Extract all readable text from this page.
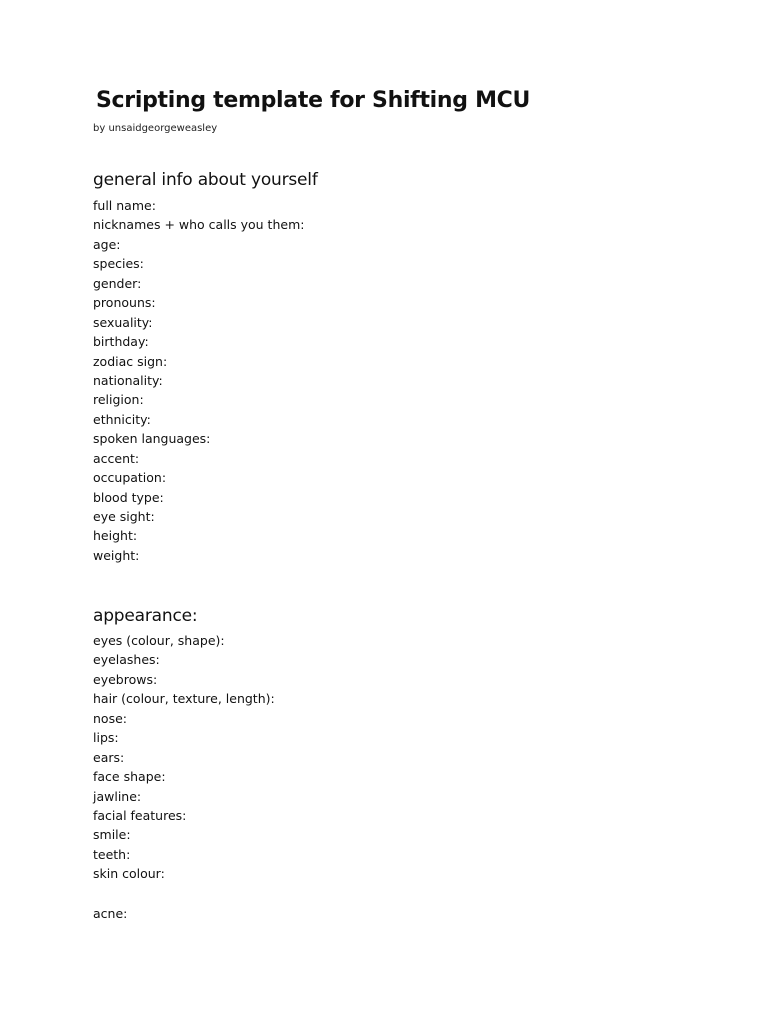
Scripting template for Shifting MCU
by unsaidgeorgeweasley
general info about yourself
full name:
nicknames + who calls you them:
age:
species:
gender:
pronouns:
sexuality:
birthday:
zodiac sign:
nationality:
religion:
ethnicity:
spoken languages:
accent:
occupation:
blood type:
eye sight:
height:
weight:
appearance:
eyes (colour, shape):
eyelashes:
eyebrows:
hair (colour, texture, length):
nose:
lips:
ears:
face shape:
jawline:
facial features:
smile:
teeth:
skin colour:
acne:
